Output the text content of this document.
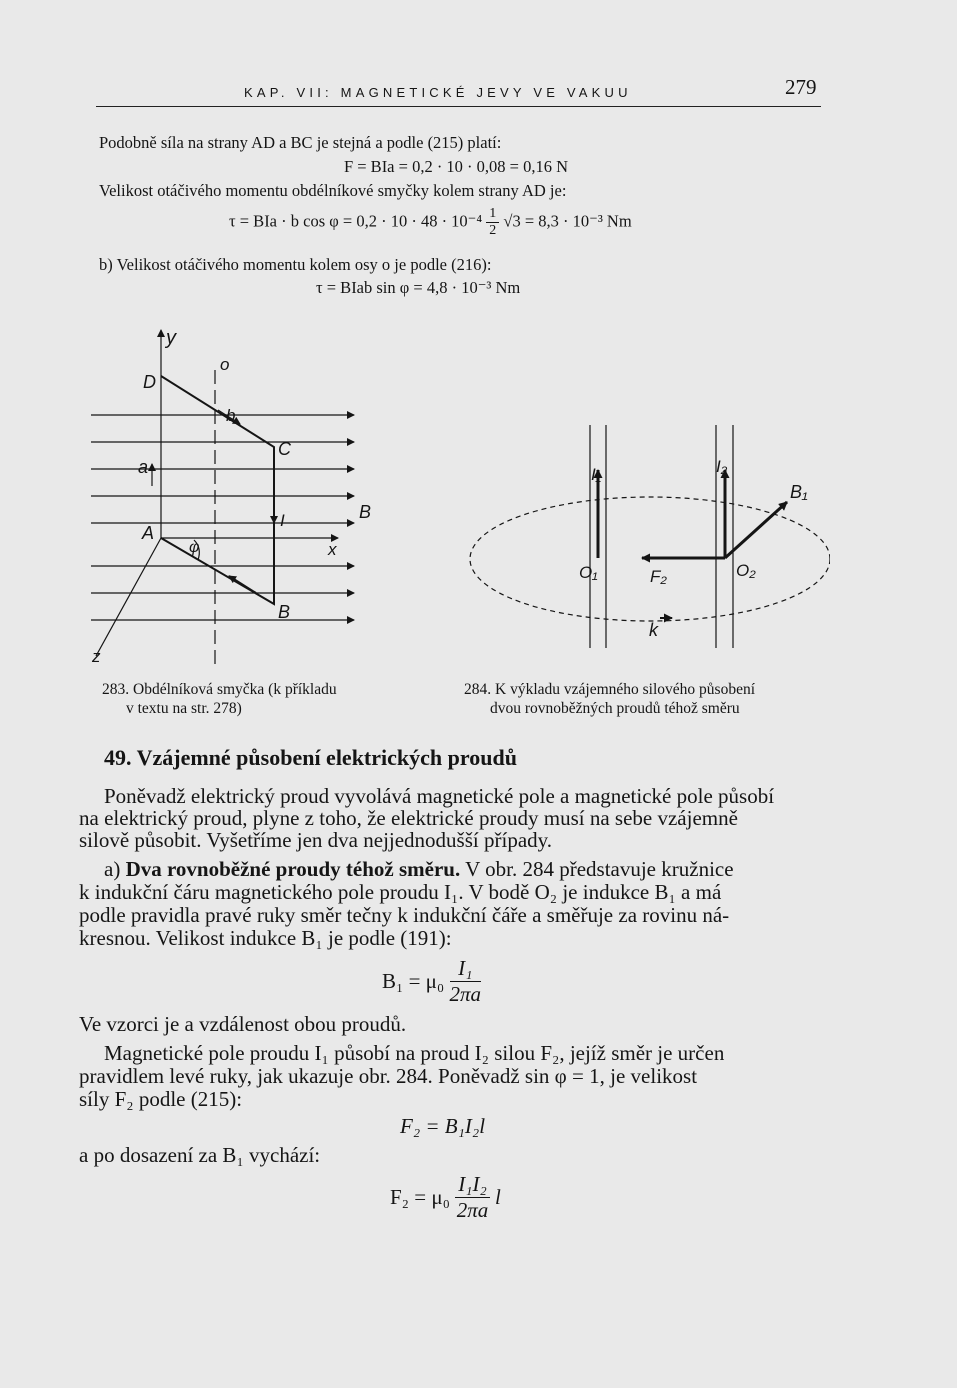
KAP. VII: MAGNETICKÉ JEVY VE VAKUU	279
Podobně síla na strany AD a BC je stejná a podle (215) platí:
F = BIa = 0,2 · 10 · 0,08 = 0,16 N
Velikost otáčivého momentu obdélníkové smyčky kolem strany AD je:
τ = BIa · b $\cos \varphi = 0,2 \cdot 10 \cdot 48 \cdot 10^{-4} \frac{1}{2} √3 = 8,3 \cdot 10^{-3}$ Nm
b) Velikost otáčivého momentu kolem osy o je podle (216):
τ = BIab sin φ = 4,8 · 10⁻³ Nm
y
o
D
b
C
a
I	B
A
φ	x
B
z
I₁	I₂
B₁
O₁	F₂	O₂
k
283. Obdélníková smyčka (k příkladu
v textu na str. 278)
284. K výkladu vzájemného silového působení
dvou rovnoběžných proudů téhož směru
49. Vzájemné působení elektrických proudů
Poněvadž elektrický proud vyvolává magnetické pole a magnetické pole působí
na elektrický proud, plyne z toho, že elektrické proudy musí na sebe vzájemně
silově působit. Vyšetříme jen dva nejjednodušší případy.
a) Dva rovnoběžné proudy téhož směru. V obr. 284 představuje kružnice
k indukční čáru magnetického pole proudu I₁. V bodě O₂ je indukce B₁ a má
podle pravidla pravé ruky směr tečny k indukční čáře a směřuje za rovinu ná-
kresnou. Velikost indukce B₁ je podle (191):
$B_1 = \mu_0 \frac{\text{I₁}}{2\pi a}$
Ve vzorci je a vzdálenost obou proudů.
Magnetické pole proudu I₁ působí na proud I₂ silou F₂, jejíž směr je určen
pravidlem levé ruky, jak ukazuje obr. 284. Poněvadž sin φ = 1, je velikost
síly F₂ podle (215):
F₂ = B₁I₂l
a po dosazení za B₁ vychází:
$F_2 = \mu_0 \frac{\text{I₁I₂}}{2\pi a}$ l
